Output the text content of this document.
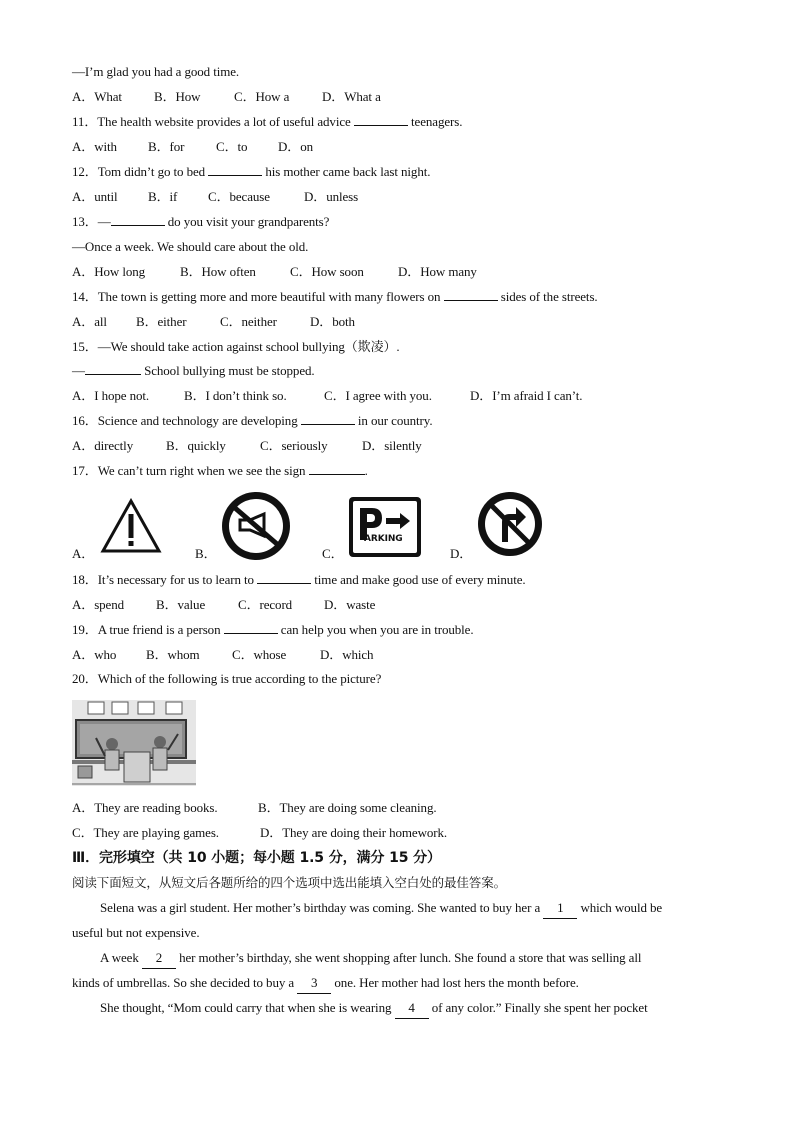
—I’m glad you had a good time.
A．What B．How	C．How a	D．What a
11．The health website provides a lot of useful advice	teenagers.
A．with B．for C．to D．on
12．Tom didn’t go to bed	his mother came back last night.
A．until B．if C．because	D．unless
13．—	do you visit your grandparents?
—Once a week. We should care about the old.
A．How long	B．How often	C．How soon	D．How many
14．The town is getting more and more beautiful with many flowers on	sides of the streets.
A．all B．either	C．neither	D．both
15．—We should take action against school bullying（欺凌）.
—	School bullying must be stopped.
A．I hope not.	B．I don’t think so.	C．I agree with you.	D．I’m afraid I can’t.
16．Science and technology are developing	in our country.
A．directly	B．quickly	C．seriously	D．silently
17．We can’t turn right when we see the sign	.
A．	B．	C．	D．
ARKING
18．It’s necessary for us to learn to	time and make good use of every minute.
A．spend B．value	C．record D．waste
19．A true friend is a person	can help you when you are in trouble.
A．who B．whom C．whose	D．which
20．Which of the following is true according to the picture?
A．They are reading books.	B．They are doing some cleaning.
C．They are playing games.	D．They are doing their homework.
Ⅲ．完形填空（共 10 小题；每小题 1.5 分，满分 15 分）
阅读下面短文，从短文后各题所给的四个选项中选出能填入空白处的最佳答案。
Selena was a girl student. Her mother’s birthday was coming. She wanted to buy her a 1 which would be
useful but not expensive.
A week 2 her mother’s birthday, she went shopping after lunch. She found a store that was selling all
kinds of umbrellas. So she decided to buy a 3 one. Her mother had lost hers the month before.
She thought, “Mom could carry that when she is wearing 4 of any color.” Finally she spent her pocket
